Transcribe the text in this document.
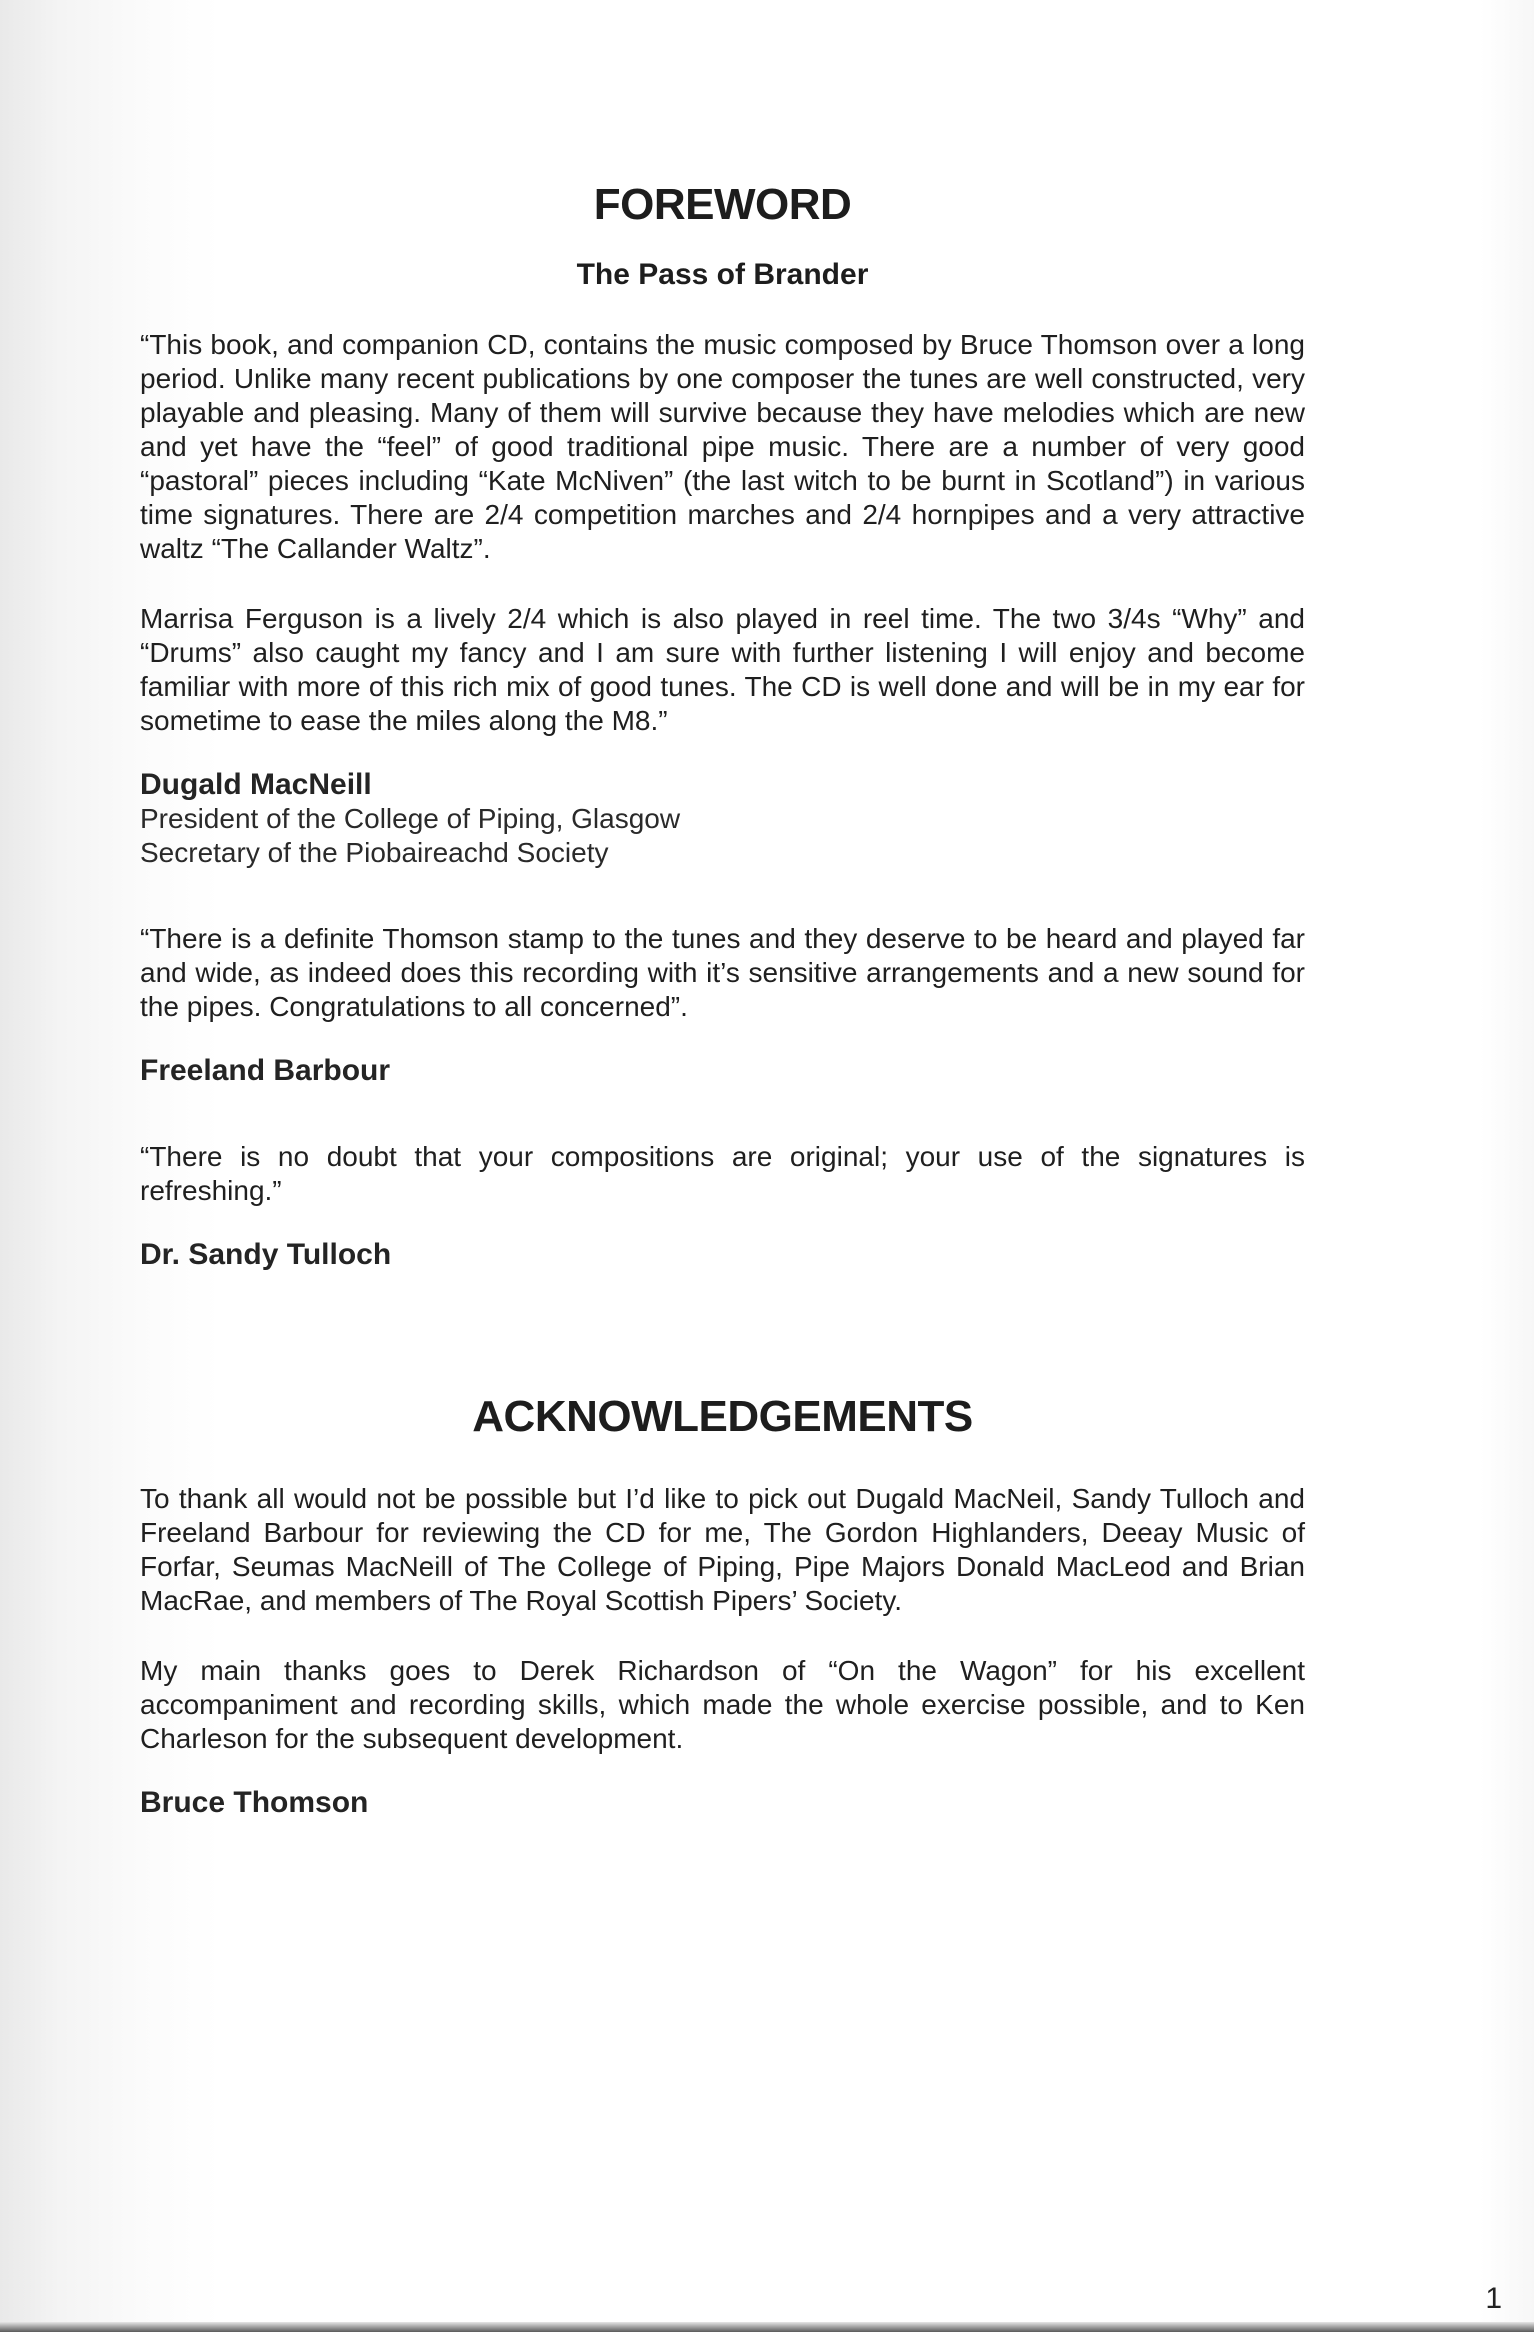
FOREWORD
The Pass of Brander

“This book, and companion CD, contains the music composed by Bruce Thomson over a long period. Unlike many recent publications by one composer the tunes are well constructed, very playable and pleasing. Many of them will survive because they have melodies which are new and yet have the “feel” of good traditional pipe music. There are a number of very good “pastoral” pieces including “Kate McNiven” (the last witch to be burnt in Scotland”) in various time signatures. There are 2/4 competition marches and 2/4 hornpipes and a very attractive waltz “The Callander Waltz”.

Marrisa Ferguson is a lively 2/4 which is also played in reel time. The two 3/4s “Why” and “Drums” also caught my fancy and I am sure with further listening I will enjoy and become familiar with more of this rich mix of good tunes. The CD is well done and will be in my ear for sometime to ease the miles along the M8.”

Dugald MacNeill

President of the College of Piping, Glasgow

Secretary of the Piobaireachd Society

“There is a definite Thomson stamp to the tunes and they deserve to be heard and played far and wide, as indeed does this recording with it’s sensitive arrangements and a new sound for the pipes. Congratulations to all concerned”.

Freeland Barbour

“There is no doubt that your compositions are original; your use of the signatures is refreshing.”

Dr. Sandy Tulloch

ACKNOWLEDGEMENTS

To thank all would not be possible but I’d like to pick out Dugald MacNeil, Sandy Tulloch and Freeland Barbour for reviewing the CD for me, The Gordon Highlanders, Deeay Music of Forfar, Seumas MacNeill of The College of Piping, Pipe Majors Donald MacLeod and Brian MacRae, and members of The Royal Scottish Pipers’ Society.

My main thanks goes to Derek Richardson of “On the Wagon” for his excellent accompaniment and recording skills, which made the whole exercise possible, and to Ken Charleson for the subsequent development.

Bruce Thomson

1
